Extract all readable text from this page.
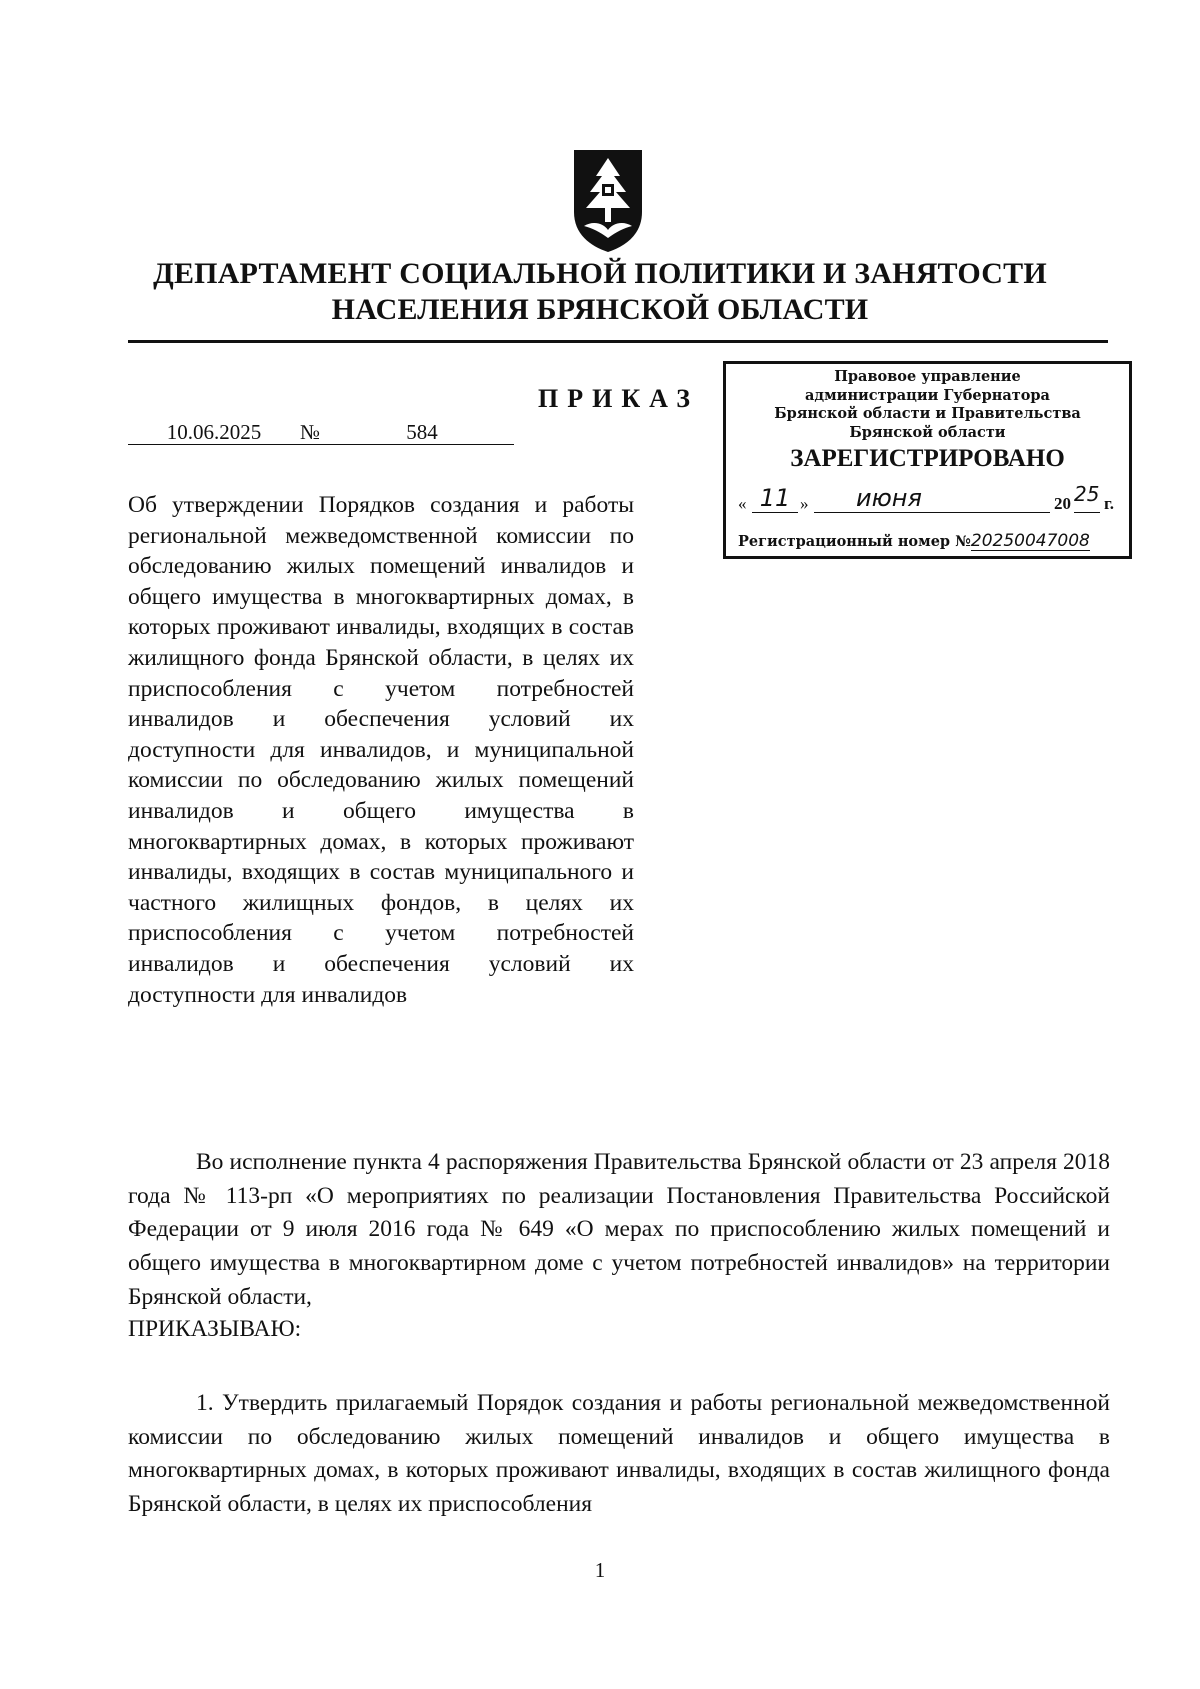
ДЕПАРТАМЕНТ СОЦИАЛЬНОЙ ПОЛИТИКИ И ЗАНЯТОСТИ
НАСЕЛЕНИЯ БРЯНСКОЙ ОБЛАСТИ
ПРИКАЗ
10.06.2025 №	584
Об утверждении Порядков создания и работы региональной межведомственной комиссии по обследованию жилых помещений инвалидов и общего имущества в многоквартирных домах, в которых проживают инвалиды, входящих в состав жилищного фонда Брянской области, в целях их приспособления с учетом потребностей инвалидов и обеспечения условий их доступности для инвалидов, и муниципальной комиссии по обследованию жилых помещений инвалидов и общего имущества в многоквартирных домах, в которых проживают инвалиды, входящих в состав муниципального и частного жилищных фондов, в целях их приспособления с учетом потребностей инвалидов и обеспечения условий их доступности для инвалидов
Правовое управление
администрации Губернатора
Брянской области и Правительства
Брянской области
ЗАРЕГИСТРИРОВАНО
« 11 » июня	20 25 г.
Регистрационный номер №20250047008
Во исполнение пункта 4 распоряжения Правительства Брянской области от 23 апреля 2018 года № 113-рп «О мероприятиях по реализации Постановления Правительства Российской Федерации от 9 июля 2016 года № 649 «О мерах по приспособлению жилых помещений и общего имущества в многоквартирном доме с учетом потребностей инвалидов» на территории Брянской области,
ПРИКАЗЫВАЮ:
1. Утвердить прилагаемый Порядок создания и работы региональной межведомственной комиссии по обследованию жилых помещений инвалидов и общего имущества в многоквартирных домах, в которых проживают инвалиды, входящих в состав жилищного фонда Брянской области, в целях их приспособления
1
